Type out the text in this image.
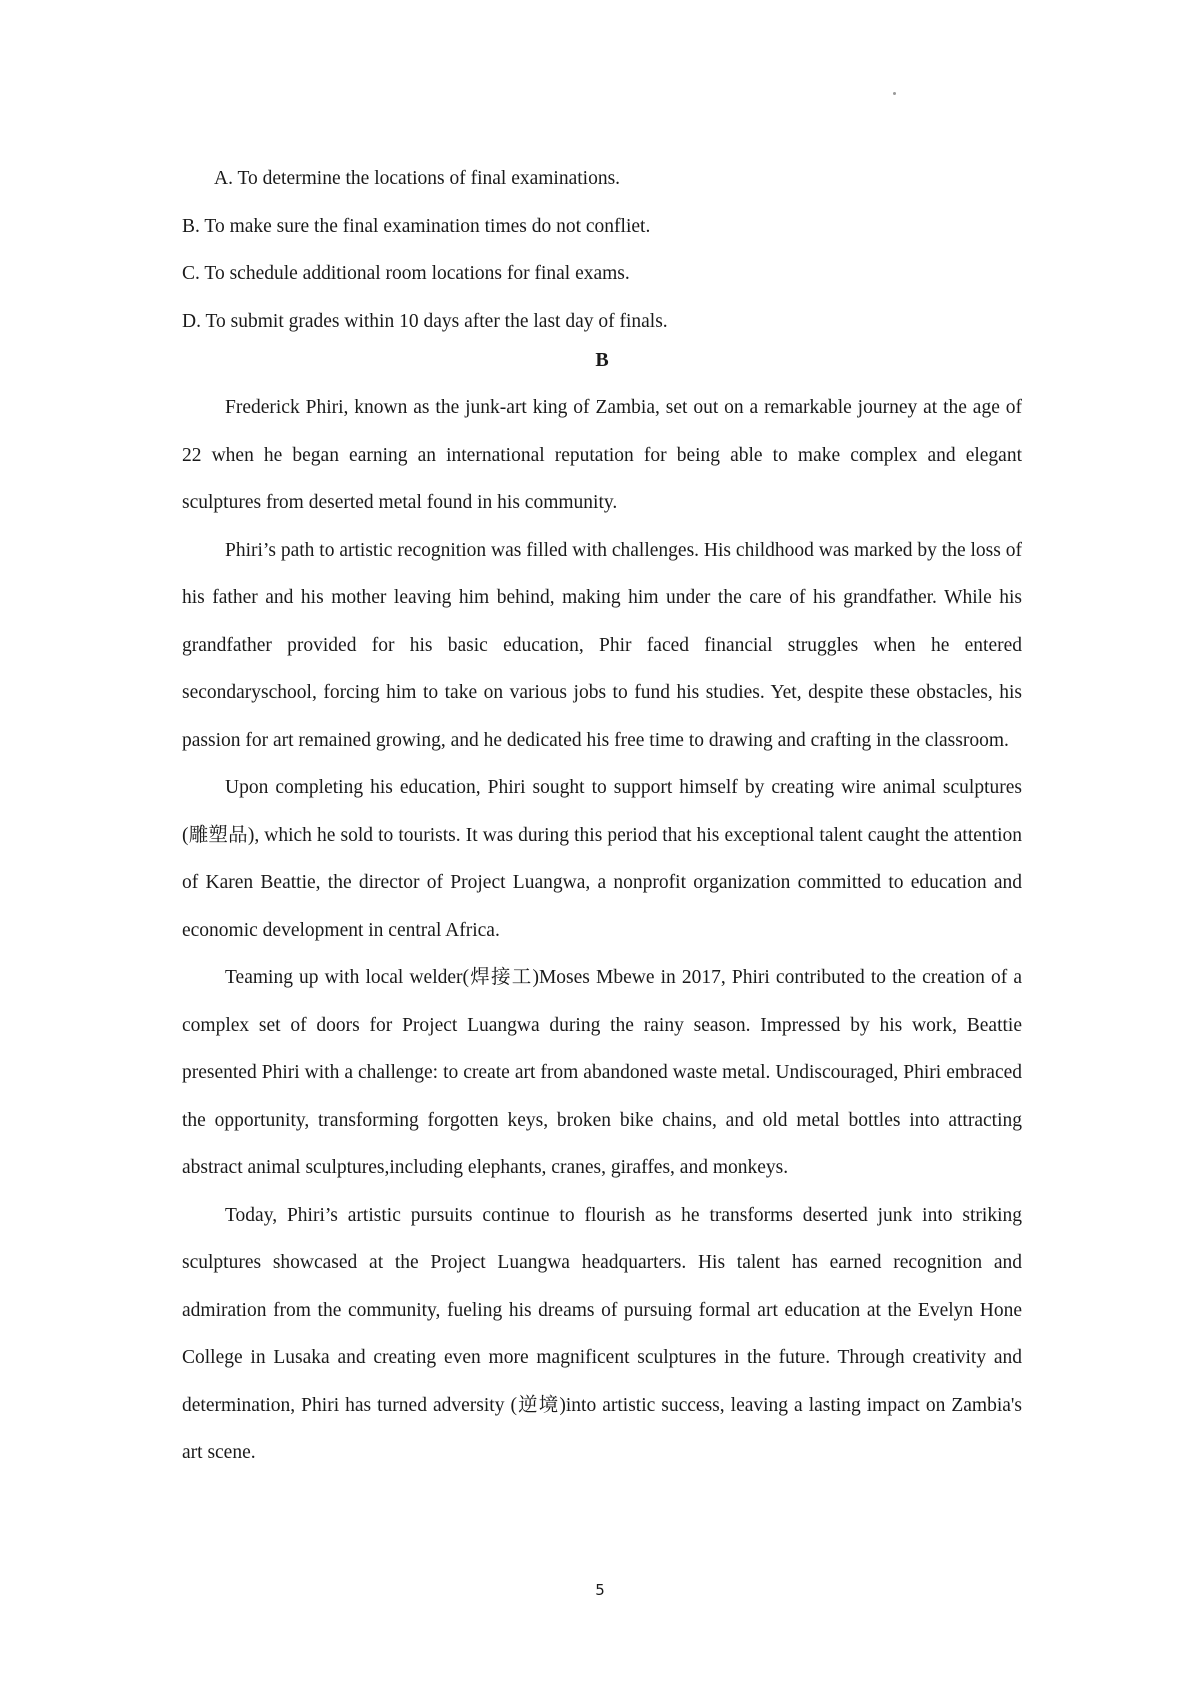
A. To determine the locations of final examinations.

B. To make sure the final examination times do not confliet.

C. To schedule additional room locations for final exams.

D. To submit grades within 10 days after the last day of finals.

B

Frederick Phiri, known as the junk-art king of Zambia, set out on a remarkable journey at the age of 22 when he began earning an international reputation for being able to make complex and elegant sculptures from deserted metal found in his community.

Phiri’s path to artistic recognition was filled with challenges. His childhood was marked by the loss of his father and his mother leaving him behind, making him under the care of his grandfather. While his grandfather provided for his basic education, Phir faced financial struggles when he entered secondaryschool, forcing him to take on various jobs to fund his studies. Yet, despite these obstacles, his passion for art remained growing, and he dedicated his free time to drawing and crafting in the classroom.

Upon completing his education, Phiri sought to support himself by creating wire animal sculptures (雕塑品), which he sold to tourists. It was during this period that his exceptional talent caught the attention of Karen Beattie, the director of Project Luangwa, a nonprofit organization committed to education and economic development in central Africa.

Teaming up with local welder(焊接工)Moses Mbewe in 2017, Phiri contributed to the creation of a complex set of doors for Project Luangwa during the rainy season. Impressed by his work, Beattie presented Phiri with a challenge: to create art from abandoned waste metal. Undiscouraged, Phiri embraced the opportunity, transforming forgotten keys, broken bike chains, and old metal bottles into attracting abstract animal sculptures,including elephants, cranes, giraffes, and monkeys.

Today, Phiri’s artistic pursuits continue to flourish as he transforms deserted junk into striking sculptures showcased at the Project Luangwa headquarters. His talent has earned recognition and admiration from the community, fueling his dreams of pursuing formal art education at the Evelyn Hone College in Lusaka and creating even more magnificent sculptures in the future. Through creativity and determination, Phiri has turned adversity (逆境)into artistic success, leaving a lasting impact on Zambia's art scene.

5
